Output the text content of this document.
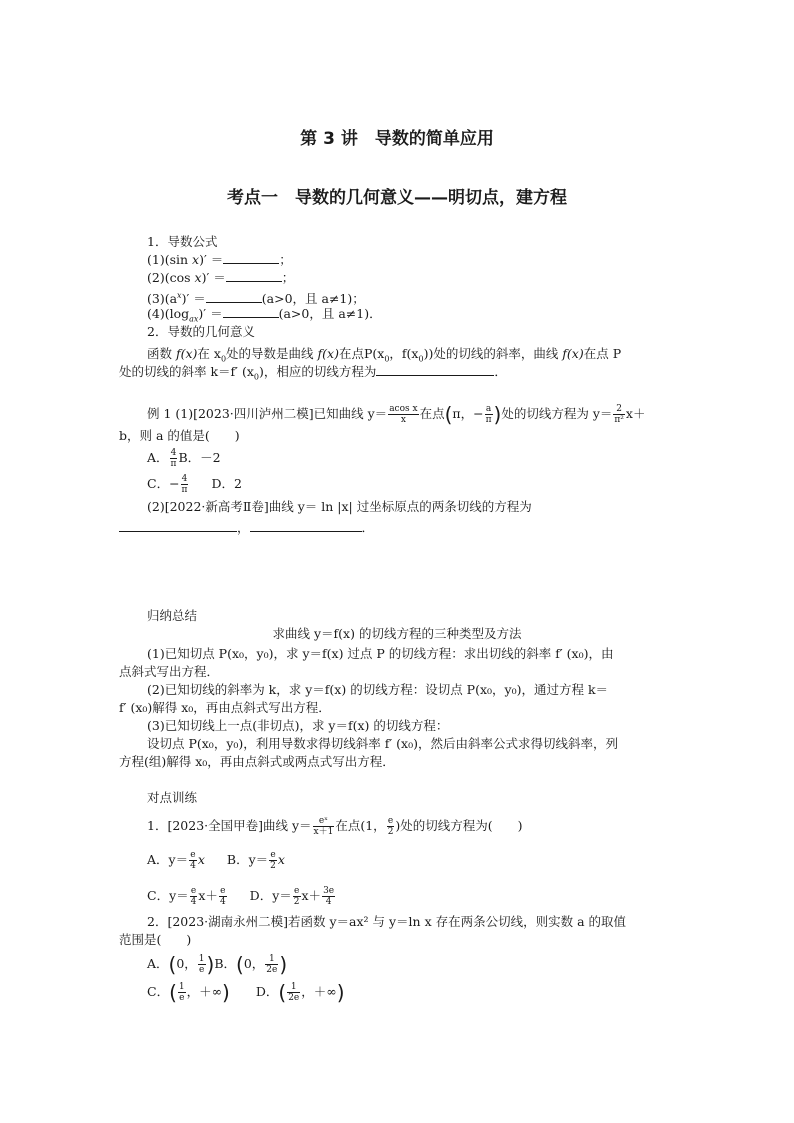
第 3 讲　导数的简单应用
考点一　导数的几何意义——明切点，建方程
1．导数公式
(1)(sin x)′ ＝	；
(2)(cos x)′ ＝	；
$(3)(a^x)'$ ＝	(a>0，且 a≠1)；
$(4)(\log_{ax})'$ ＝	(a>0，且 a≠1)．
2．导数的几何意义
函数 f(x)在 $x_0$处的导数是曲线 f(x)在点$P(x_0$，$f(x_0)$)处的切线的斜率，曲线 f(x)在点 P
处的切线的斜率 k＝f′ $(x_0)$，相应的切线方程为	．
例 1 (1)[2023·四川泸州二模]已知曲线 $y= \frac{\text{acos x}}{x}$ 在点(π，− $\frac{a}{\pi}$ )处的切线方程为 $y= \frac{2}{\text{π²}} x+$
b，则 a 的值是(　　)
A． $\frac{4}{\pi}$ B．－2
C．− $\frac{4}{\pi}$ D．2
(2)[2022·新高考Ⅱ卷]曲线 y＝ ln |x| 过坐标原点的两条切线的方程为
，	．
归纳总结
求曲线 y＝f(x) 的切线方程的三种类型及方法
(1)已知切点 P(x₀，y₀)，求 y＝f(x) 过点 P 的切线方程：求出切线的斜率 f′ (x₀)，由
点斜式写出方程．
(2)已知切线的斜率为 k，求 y＝f(x) 的切线方程：设切点 P(x₀，y₀)，通过方程 k＝
f′ (x₀)解得 x₀，再由点斜式写出方程．
(3)已知切线上一点(非切点)，求 y＝f(x) 的切线方程：
设切点 P(x₀，y₀)，利用导数求得切线斜率 f′ (x₀)，然后由斜率公式求得切线斜率，列
方程(组)解得 x₀，再由点斜式或两点式写出方程．
对点训练
1．[2023·全国甲卷]曲线 $y= \frac{\text{eˣ}}{x+1}$ 在点(1， $\frac{e}{2}$ )处的切线方程为(　　)
A．$y= \frac{e}{4}$ x B．$y= \frac{e}{2}$ x
C．$y= \frac{e}{4} x+ \frac{e}{4}$ D．$y= \frac{e}{2} x+ \frac{3e}{4}$
2．[2023·湖南永州二模]若函数 y＝ax² 与 y＝ln x 存在两条公切线，则实数 a 的取值
范围是(　　)
A．(0， $\frac{1}{e} )B$．(0， $\frac{1}{2e}$ )
C．( $\frac{1}{e}$ ，＋∞) D．( $\frac{1}{2e}$ ，＋∞)
